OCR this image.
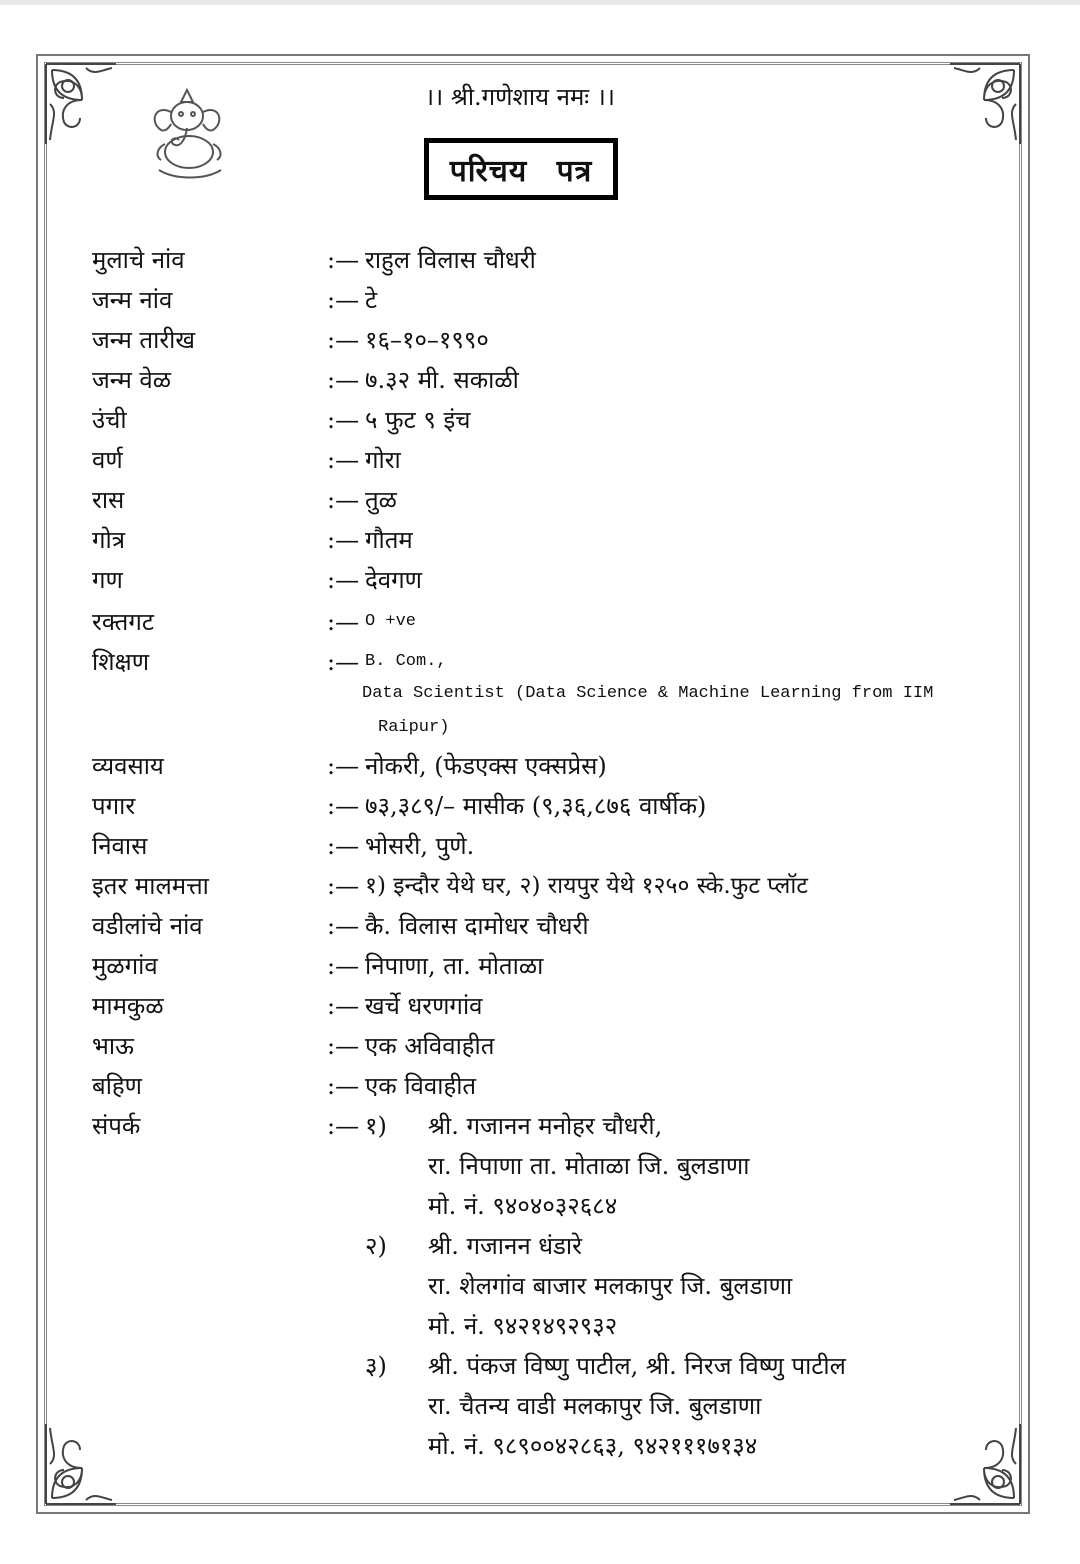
।। श्री.गणेशाय नमः ।।
परिचय पत्र
मुलाचे नांव	:— राहुल विलास चौधरी
जन्म नांव	:— टे
जन्म तारीख	:— १६–१०–१९९०
जन्म वेळ	:— ७.३२ मी. सकाळी
उंची	:— ५ फुट ९ इंच
वर्ण	:— गोरा
रास	:— तुळ
गोत्र	:— गौतम
गण	:— देवगण
रक्तगट	:— O +ve
शिक्षण	:— B. Com.,
Data Scientist (Data Science & Machine Learning from IIM
Raipur)
व्यवसाय	:— नोकरी, (फेडएक्स एक्सप्रेस)
पगार	:— ७३,३८९/– मासीक (९,३६,८७६ वार्षीक)
निवास	:— भोसरी, पुणे.
इतर मालमत्ता	:— १) इन्दौर येथे घर, २) रायपुर येथे १२५० स्के.फुट प्लॉट
वडीलांचे नांव	:— कै. विलास दामोधर चौधरी
मुळगांव	:— निपाणा, ता. मोताळा
मामकुळ	:— खर्चे धरणगांव
भाऊ	:— एक अविवाहीत
बहिण	:— एक विवाहीत
संपर्क	:— १) श्री. गजानन मनोहर चौधरी,
रा. निपाणा ता. मोताळा जि. बुलडाणा
मो. नं. ९४०४०३२६८४
२) श्री. गजानन धंडारे
रा. शेलगांव बाजार मलकापुर जि. बुलडाणा
मो. नं. ९४२१४९२९३२
३) श्री. पंकज विष्णु पाटील, श्री. निरज विष्णु पाटील
रा. चैतन्य वाडी मलकापुर जि. बुलडाणा
मो. नं. ९८९००४२८६३, ९४२१११७१३४
